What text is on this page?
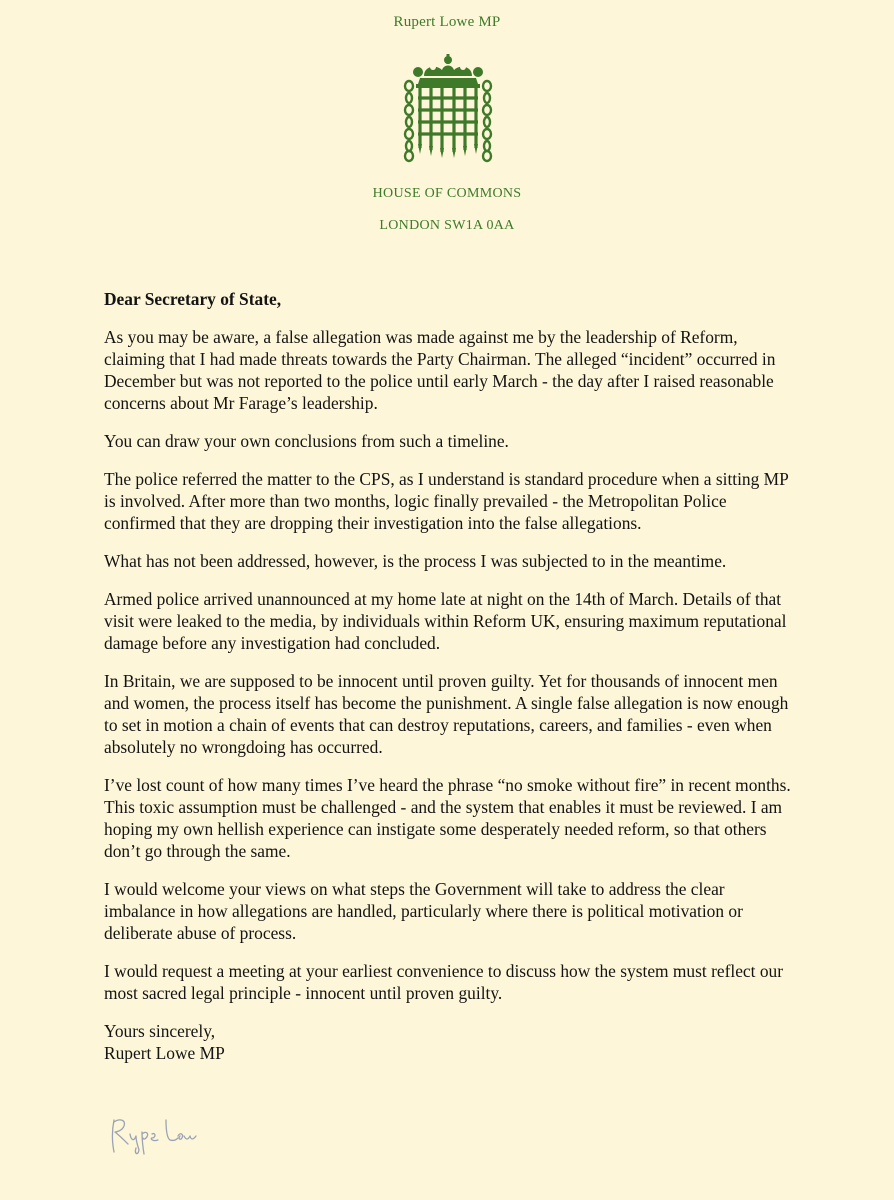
Rupert Lowe MP
HOUSE OF COMMONS
LONDON SW1A 0AA

Dear Secretary of State,

As you may be aware, a false allegation was made against me by the leadership of Reform, claiming that I had made threats towards the Party Chairman. The alleged “incident” occurred in December but was not reported to the police until early March - the day after I raised reasonable concerns about Mr Farage’s leadership.

You can draw your own conclusions from such a timeline.

The police referred the matter to the CPS, as I understand is standard procedure when a sitting MP is involved. After more than two months, logic finally prevailed - the Metropolitan Police confirmed that they are dropping their investigation into the false allegations.

What has not been addressed, however, is the process I was subjected to in the meantime.

Armed police arrived unannounced at my home late at night on the 14th of March. Details of that visit were leaked to the media, by individuals within Reform UK, ensuring maximum reputational damage before any investigation had concluded.

In Britain, we are supposed to be innocent until proven guilty. Yet for thousands of innocent men and women, the process itself has become the punishment. A single false allegation is now enough to set in motion a chain of events that can destroy reputations, careers, and families - even when absolutely no wrongdoing has occurred.

I’ve lost count of how many times I’ve heard the phrase “no smoke without fire” in recent months. This toxic assumption must be challenged - and the system that enables it must be reviewed. I am hoping my own hellish experience can instigate some desperately needed reform, so that others don’t go through the same.

I would welcome your views on what steps the Government will take to address the clear imbalance in how allegations are handled, particularly where there is political motivation or deliberate abuse of process.

I would request a meeting at your earliest convenience to discuss how the system must reflect our most sacred legal principle - innocent until proven guilty.

Yours sincerely,

Rupert Lowe MP
